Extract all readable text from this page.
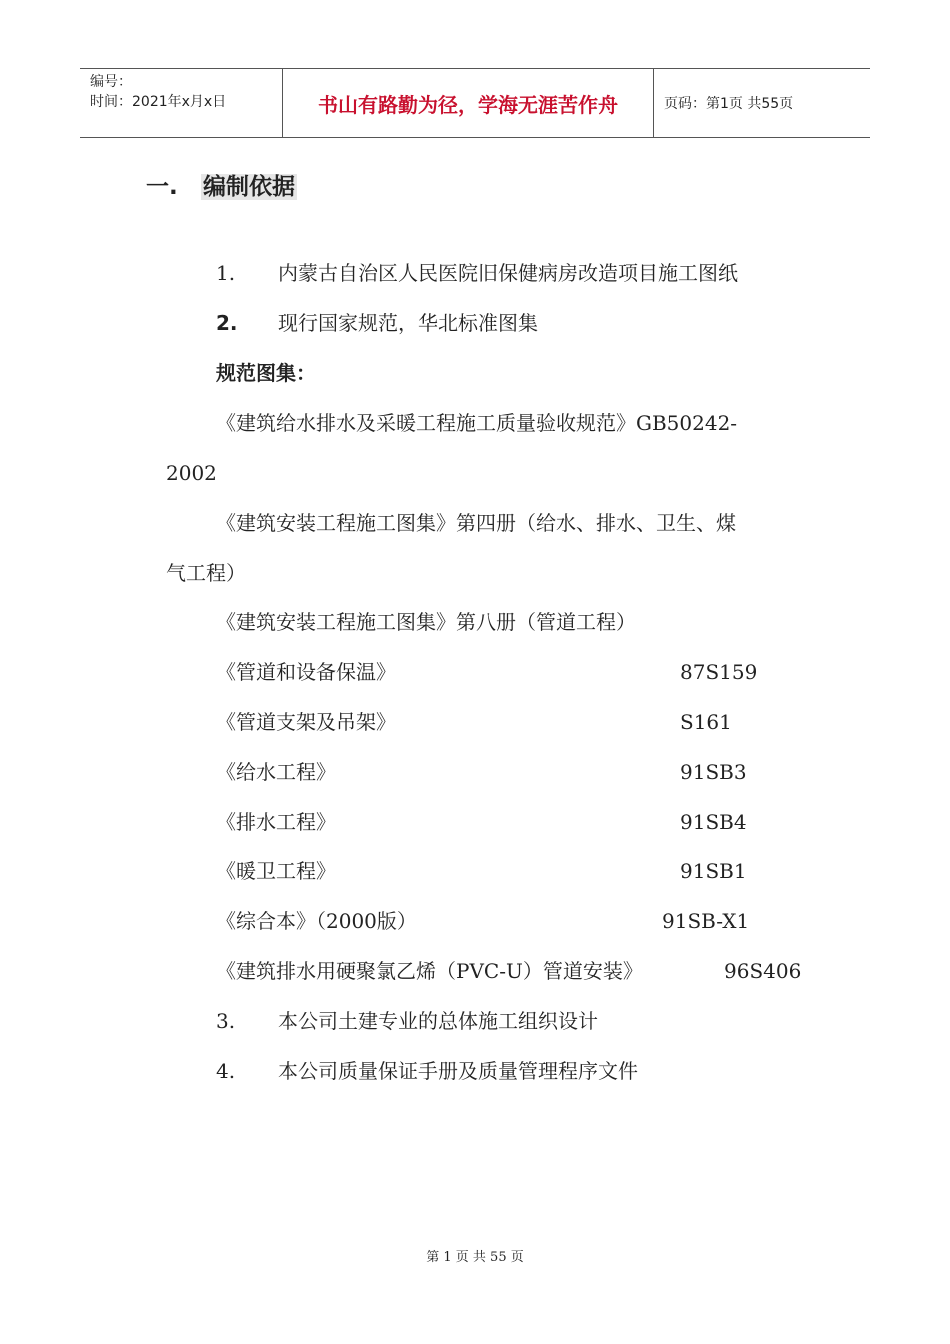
编号：
时间：2021年x月x日	书山有路勤为径，学海无涯苦作舟	页码：第1页 共55页
一. 编制依据
1. 内蒙古自治区人民医院旧保健病房改造项目施工图纸
2. 现行国家规范，华北标准图集
规范图集：
《建筑给水排水及采暖工程施工质量验收规范》GB50242-
2002
《建筑安装工程施工图集》第四册（给水、排水、卫生、煤
气工程）
《建筑安装工程施工图集》第八册（管道工程）
《管道和设备保温》	87S159
《管道支架及吊架》	S161
《给水工程》	91SB3
《排水工程》	91SB4
《暖卫工程》	91SB1
《综合本》（2000版）	91SB-X1
《建筑排水用硬聚氯乙烯（PVC-U）管道安装》	96S406
3. 本公司土建专业的总体施工组织设计
4. 本公司质量保证手册及质量管理程序文件
第 1 页 共 55 页
